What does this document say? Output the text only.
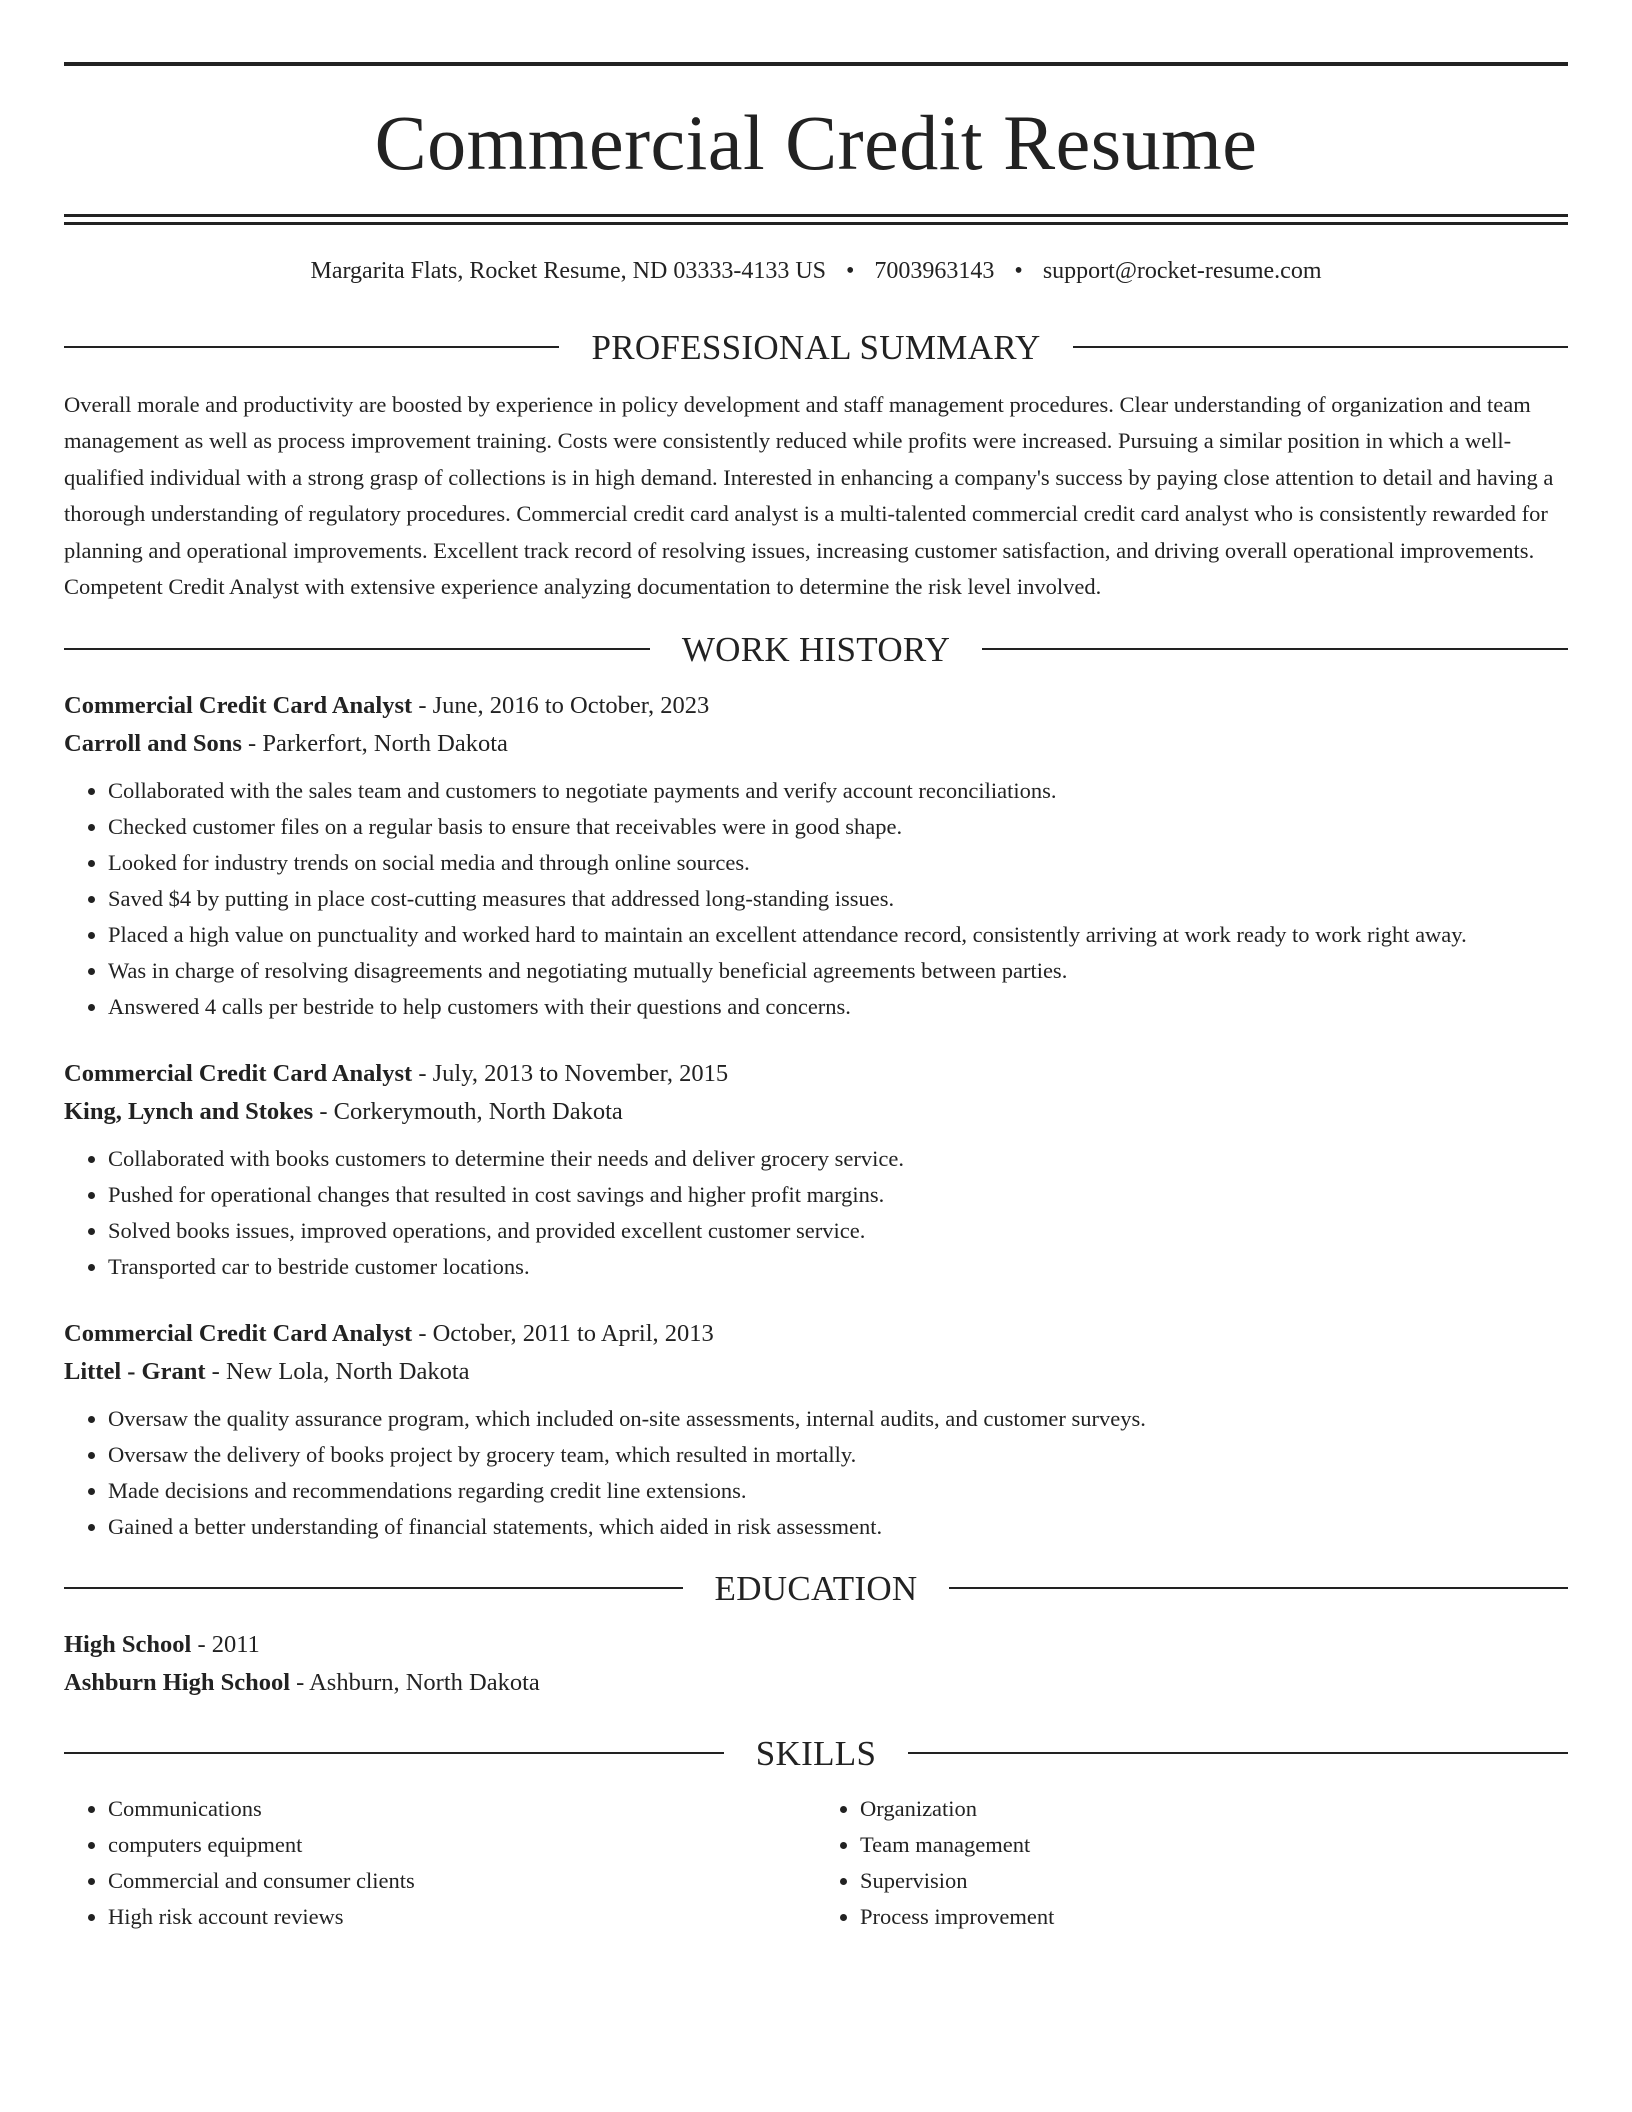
Commercial Credit Resume
Margarita Flats, Rocket Resume, ND 03333-4133 US • 7003963143 • support@rocket-resume.com
PROFESSIONAL SUMMARY

Overall morale and productivity are boosted by experience in policy development and staff management procedures. Clear understanding of organization and team management as well as process improvement training. Costs were consistently reduced while profits were increased. Pursuing a similar position in which a well-qualified individual with a strong grasp of collections is in high demand. Interested in enhancing a company's success by paying close attention to detail and having a thorough understanding of regulatory procedures. Commercial credit card analyst is a multi-talented commercial credit card analyst who is consistently rewarded for planning and operational improvements. Excellent track record of resolving issues, increasing customer satisfaction, and driving overall operational improvements. Competent Credit Analyst with extensive experience analyzing documentation to determine the risk level involved.

WORK HISTORY
Commercial Credit Card Analyst - June, 2016 to October, 2023
Carroll and Sons - Parkerfort, North Dakota
• Collaborated with the sales team and customers to negotiate payments and verify account reconciliations.
• Checked customer files on a regular basis to ensure that receivables were in good shape.
• Looked for industry trends on social media and through online sources.
• Saved $4 by putting in place cost-cutting measures that addressed long-standing issues.
• Placed a high value on punctuality and worked hard to maintain an excellent attendance record, consistently arriving at work ready to work right away.
• Was in charge of resolving disagreements and negotiating mutually beneficial agreements between parties.
• Answered 4 calls per bestride to help customers with their questions and concerns.
Commercial Credit Card Analyst - July, 2013 to November, 2015
King, Lynch and Stokes - Corkerymouth, North Dakota
• Collaborated with books customers to determine their needs and deliver grocery service.
• Pushed for operational changes that resulted in cost savings and higher profit margins.
• Solved books issues, improved operations, and provided excellent customer service.
• Transported car to bestride customer locations.
Commercial Credit Card Analyst - October, 2011 to April, 2013
Littel - Grant - New Lola, North Dakota
• Oversaw the quality assurance program, which included on-site assessments, internal audits, and customer surveys.
• Oversaw the delivery of books project by grocery team, which resulted in mortally.
• Made decisions and recommendations regarding credit line extensions.
• Gained a better understanding of financial statements, which aided in risk assessment.
EDUCATION
High School - 2011
Ashburn High School - Ashburn, North Dakota
SKILLS
• Communications
• computers equipment
• Commercial and consumer clients
• High risk account reviews
• Organization
• Team management
• Supervision
• Process improvement
